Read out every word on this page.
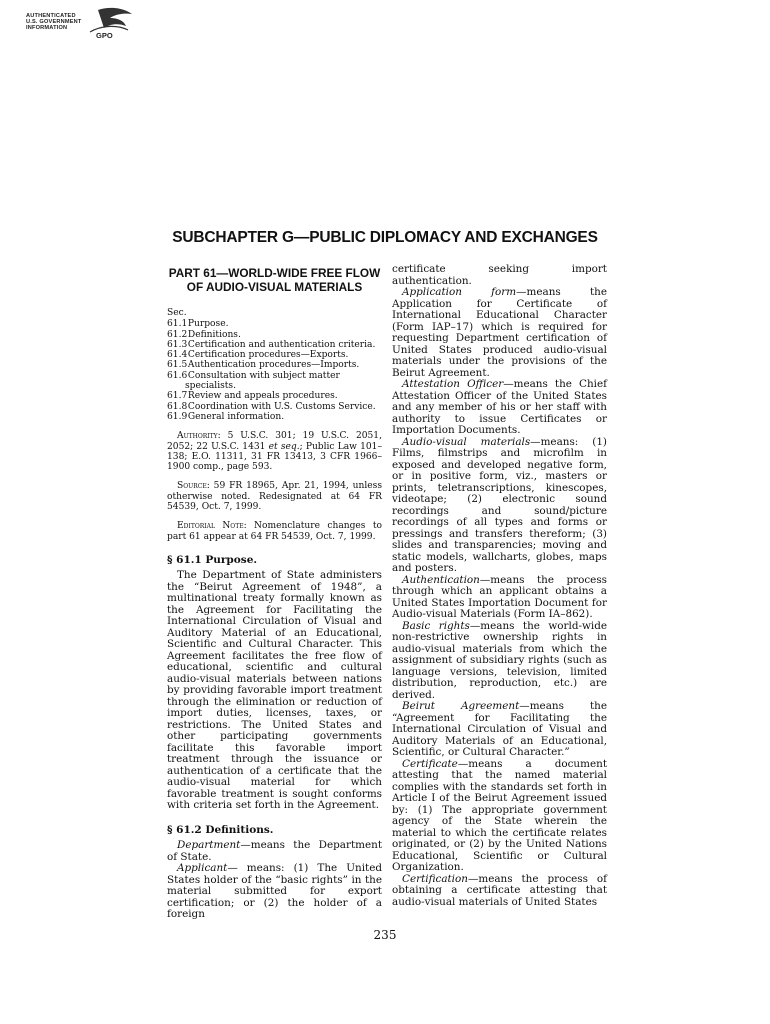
AUTHENTICATED
U.S. GOVERNMENT
INFORMATION
GPO
SUBCHAPTER G—PUBLIC DIPLOMACY AND EXCHANGES
PART 61—WORLD-WIDE FREE FLOW OF AUDIO-VISUAL MATERIALS
Sec.
61.1 Purpose.
61.2 Definitions.
61.3 Certification and authentication criteria.
61.4 Certification procedures—Exports.
61.5 Authentication procedures—Imports.
61.6 Consultation with subject matter specialists.
61.7 Review and appeals procedures.
61.8 Coordination with U.S. Customs Service.
61.9 General information.

Authority: 5 U.S.C. 301; 19 U.S.C. 2051, 2052; 22 U.S.C. 1431 et seq.; Public Law 101–138; E.O. 11311, 31 FR 13413, 3 CFR 1966–1900 comp., page 593.

Source: 59 FR 18965, Apr. 21, 1994, unless otherwise noted. Redesignated at 64 FR 54539, Oct. 7, 1999.

Editorial Note: Nomenclature changes to part 61 appear at 64 FR 54539, Oct. 7, 1999.

§ 61.1 Purpose.

The Department of State administers the “Beirut Agreement of 1948”, a multinational treaty formally known as the Agreement for Facilitating the International Circulation of Visual and Auditory Material of an Educational, Scientific and Cultural Character. This Agreement facilitates the free flow of educational, scientific and cultural audio-visual materials between nations by providing favorable import treatment through the elimination or reduction of import duties, licenses, taxes, or restrictions. The United States and other participating governments facilitate this favorable import treatment through the issuance or authentication of a certificate that the audio-visual material for which favorable treatment is sought conforms with criteria set forth in the Agreement.

§ 61.2 Definitions.

Department—means the Department of State.

Applicant— means: (1) The United States holder of the “basic rights” in the material submitted for export certification; or (2) the holder of a foreign

certificate seeking import authentication.

Application form—means the Application for Certificate of International Educational Character (Form IAP–17) which is required for requesting Department certification of United States produced audio-visual materials under the provisions of the Beirut Agreement.

Attestation Officer—means the Chief Attestation Officer of the United States and any member of his or her staff with authority to issue Certificates or Importation Documents.

Audio-visual materials—means: (1) Films, filmstrips and microfilm in exposed and developed negative form, or in positive form, viz., masters or prints, teletranscriptions, kinescopes, videotape; (2) electronic sound recordings and sound/picture recordings of all types and forms or pressings and transfers thereform; (3) slides and transparencies; moving and static models, wallcharts, globes, maps and posters.

Authentication—means the process through which an applicant obtains a United States Importation Document for Audio-visual Materials (Form IA–862).

Basic rights—means the world-wide non-restrictive ownership rights in audio-visual materials from which the assignment of subsidiary rights (such as language versions, television, limited distribution, reproduction, etc.) are derived.

Beirut Agreement—means the “Agreement for Facilitating the International Circulation of Visual and Auditory Materials of an Educational, Scientific, or Cultural Character.”

Certificate—means a document attesting that the named material complies with the standards set forth in Article I of the Beirut Agreement issued by: (1) The appropriate government agency of the State wherein the material to which the certificate relates originated, or (2) by the United Nations Educational, Scientific or Cultural Organization.

Certification—means the process of obtaining a certificate attesting that audio-visual materials of United States

235
